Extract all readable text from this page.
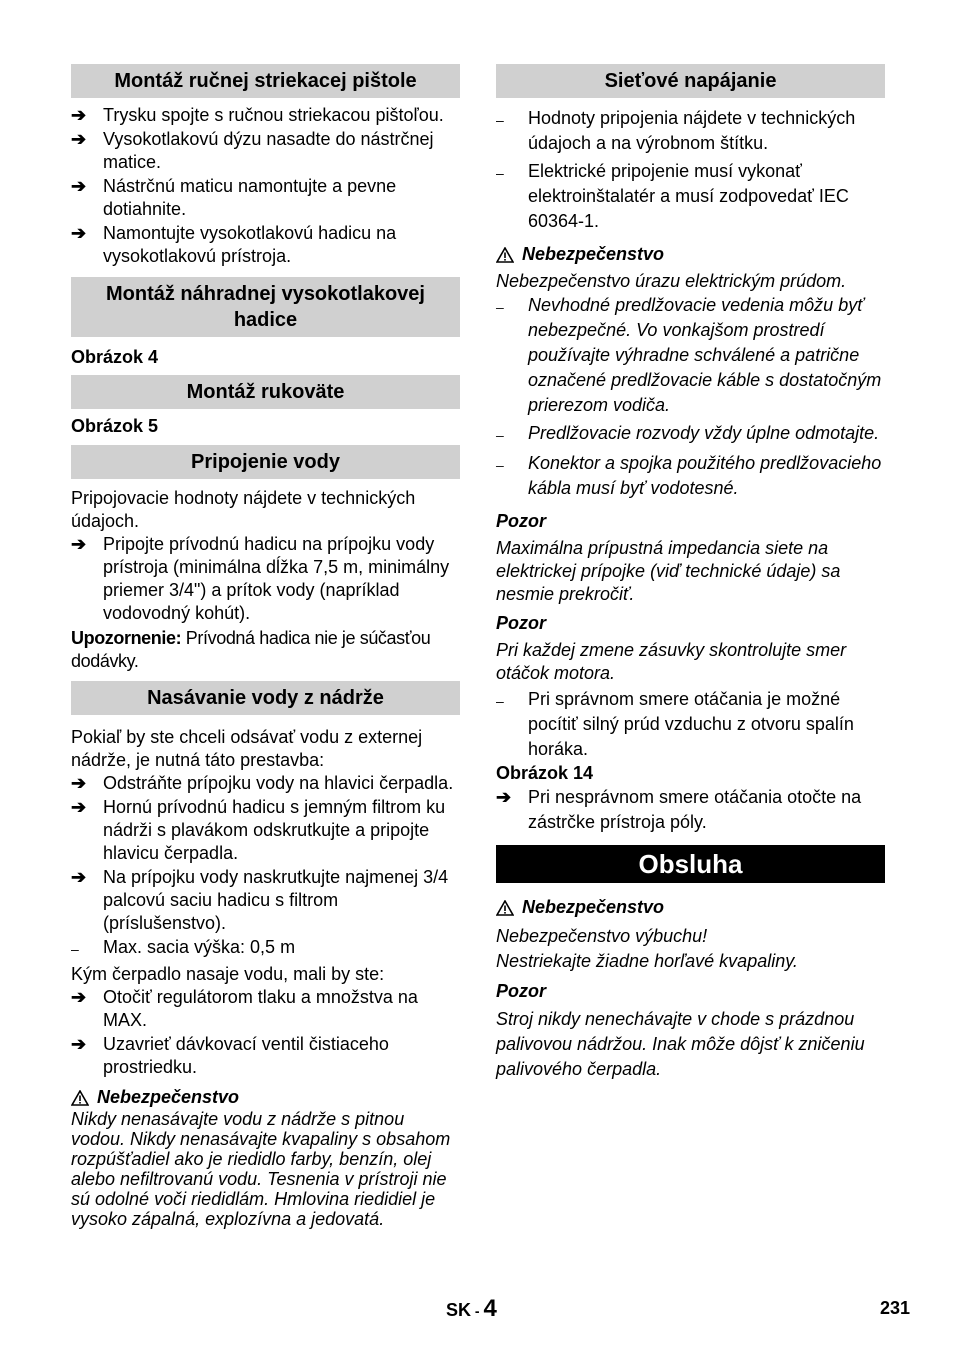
Montáž ručnej striekacej pištole
➔ Trysku spojte s ručnou striekacou pištoľou.
➔ Vysokotlakovú dýzu nasadte do nástrčnej matice.
➔ Nástrčnú maticu namontujte a pevne dotiahnite.
➔ Namontujte vysokotlakovú hadicu na vysokotlakovú prístroja.
Montáž náhradnej vysokotlakovej hadice
Obrázok 4
Montáž rukoväte
Obrázok 5
Pripojenie vody
Pripojovacie hodnoty nájdete v technických údajoch.
➔ Pripojte prívodnú hadicu na prípojku vody prístroja (minimálna dĺžka 7,5 m, minimálny priemer 3/4") a prítok vody (napríklad vodovodný kohút).
Upozornenie: Prívodná hadica nie je súčasťou dodávky.
Nasávanie vody z nádrže
Pokiaľ by ste chceli odsávať vodu z externej nádrže, je nutná táto prestavba:
➔ Odstráňte prípojku vody na hlavici čerpadla.
➔ Hornú prívodnú hadicu s jemným filtrom ku nádrži s plavákom odskrutkujte a pripojte hlavicu čerpadla.
➔ Na prípojku vody naskrutkujte najmenej 3/4 palcovú saciu hadicu s filtrom (príslušenstvo).
–	Max. sacia výška: 0,5 m
Kým čerpadlo nasaje vodu, mali by ste:
➔ Otočiť regulátorom tlaku a množstva na MAX.
➔ Uzavrieť dávkovací ventil čistiaceho prostriedku.
Nebezpečenstvo
Nikdy nenasávajte vodu z nádrže s pitnou vodou. Nikdy nenasávajte kvapaliny s obsahom rozpúšťadiel ako je riedidlo farby, benzín, olej alebo nefiltrovanú vodu. Tesnenia v prístroji nie sú odolné voči riedidlám. Hmlovina riedidiel je vysoko zápalná, explozívna a jedovatá.
Sieťové napájanie
–	Hodnoty pripojenia nájdete v technických údajoch a na výrobnom štítku.
–	Elektrické pripojenie musí vykonať elektroinštalatér a musí zodpovedať IEC 60364-1.
Nebezpečenstvo
Nebezpečenstvo úrazu elektrickým prúdom.
–	Nevhodné predlžovacie vedenia môžu byť nebezpečné. Vo vonkajšom prostredí používajte výhradne schválené a patrične označené predlžovacie káble s dostatočným prierezom vodiča.
–	Predlžovacie rozvody vždy úplne odmotajte.
–	Konektor a spojka použitého predlžovacieho kábla musí byť vodotesné.
Pozor
Maximálna prípustná impedancia siete na elektrickej prípojke (viď technické údaje) sa nesmie prekročiť.
Pozor
Pri každej zmene zásuvky skontrolujte smer otáčok motora.
–	Pri správnom smere otáčania je možné pocítiť silný prúd vzduchu z otvoru spalín horáka.
Obrázok 14
➔ Pri nesprávnom smere otáčania otočte na zástrčke prístroja póly.
Obsluha
Nebezpečenstvo
Nebezpečenstvo výbuchu!
Nestriekajte žiadne horľavé kvapaliny.
Pozor
Stroj nikdy nenechávajte v chode s prázdnou palivovou nádržou. Inak môže dôjsť k zničeniu palivového čerpadla.
SK - 4	231
